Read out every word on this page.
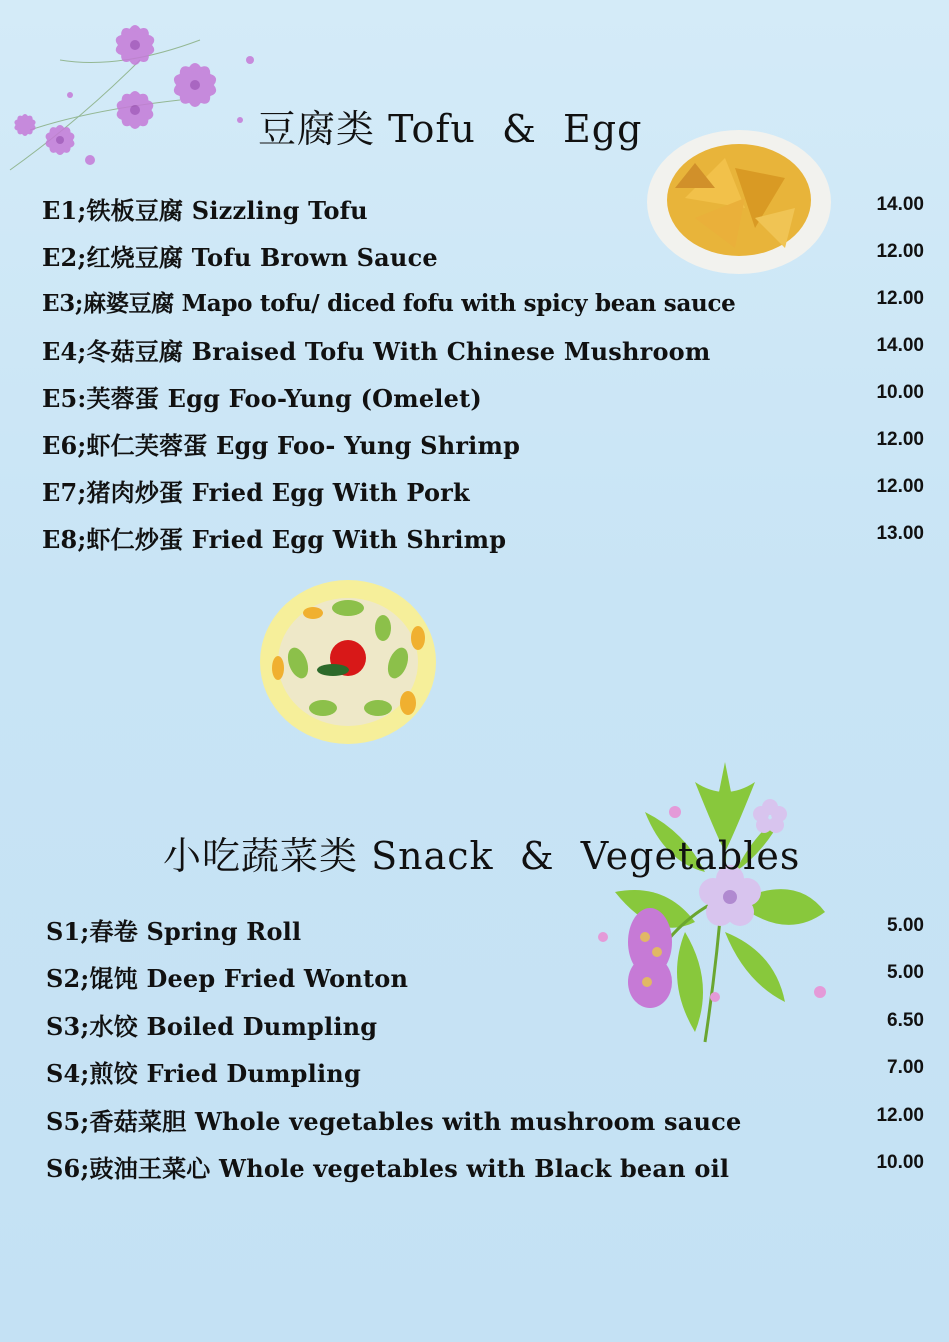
豆腐类 Tofu  &  Egg
E1;铁板豆腐 Sizzling Tofu	14.00
E2;红烧豆腐 Tofu Brown Sauce	12.00
E3;麻婆豆腐 Mapo tofu/ diced fofu with spicy bean sauce	12.00
E4;冬菇豆腐 Braised Tofu With Chinese Mushroom	14.00
E5:芙蓉蛋 Egg Foo-Yung (Omelet)	10.00
E6;虾仁芙蓉蛋 Egg Foo- Yung Shrimp	12.00
E7;猪肉炒蛋 Fried Egg With Pork	12.00
E8;虾仁炒蛋 Fried Egg With Shrimp	13.00
小吃蔬菜类 Snack  &  Vegetables
S1;春卷 Spring Roll	5.00
S2;馄饨 Deep Fried Wonton	5.00
S3;水饺 Boiled Dumpling	6.50
S4;煎饺 Fried Dumpling	7.00
S5;香菇菜胆 Whole vegetables with mushroom sauce	12.00
S6;豉油王菜心 Whole vegetables with Black bean oil	10.00
